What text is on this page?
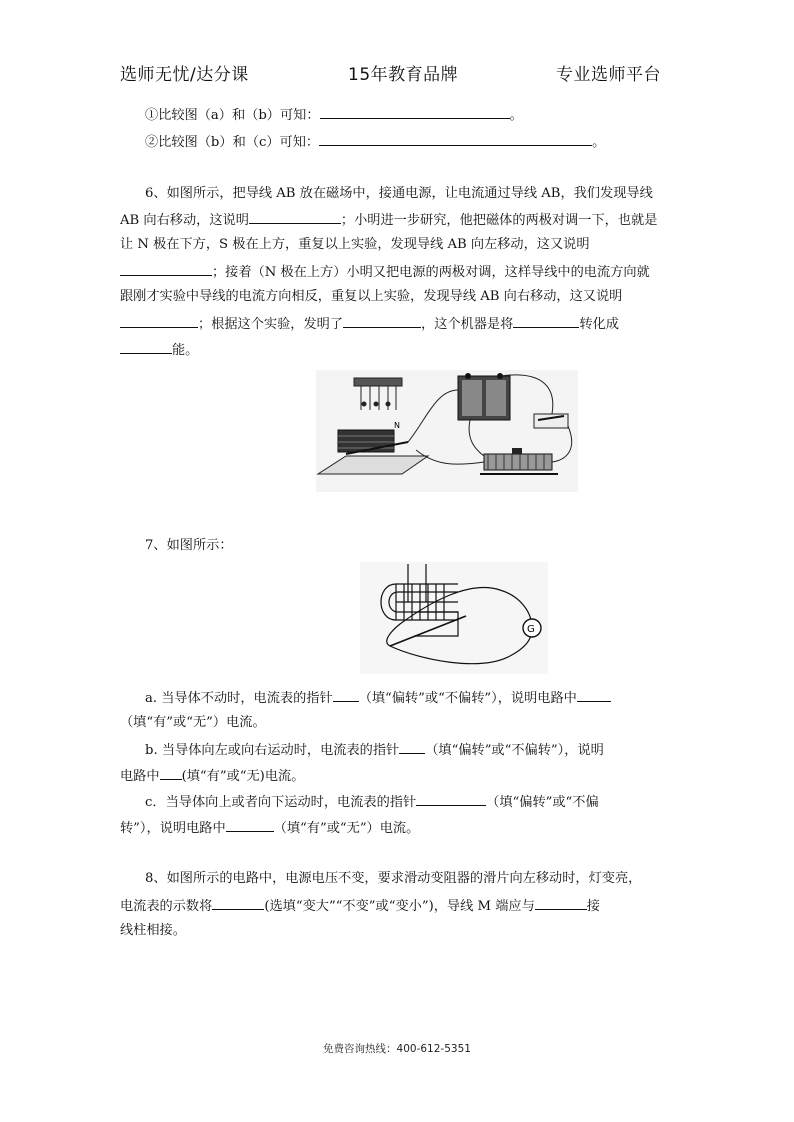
选师无忧/达分课	15年教育品牌	专业选师平台
①比较图（a）和（b）可知：	。
②比较图（b）和（c）可知：	。
6、如图所示，把导线 AB 放在磁场中，接通电源，让电流通过导线 AB，我们发现导线
AB 向右移动，这说明	；小明进一步研究，他把磁体的两极对调一下，也就是
让 N 极在下方，S 极在上方，重复以上实验，发现导线 AB 向左移动，这又说明
；接着（N 极在上方）小明又把电源的两极对调，这样导线中的电流方向就
跟刚才实验中导线的电流方向相反，重复以上实验，发现导线 AB 向右移动，这又说明
；根据这个实验，发明了	，这个机器是将	转化成
能。
N
7、如图所示：
G
a. 当导体不动时，电流表的指针 （填“偏转”或“不偏转”），说明电路中
（填“有”或“无”）电流。
b. 当导体向左或向右运动时，电流表的指针 （填“偏转”或“不偏转”），说明
电路中 (填“有”或“无)电流。
c．当导体向上或者向下运动时，电流表的指针	（填“偏转”或“不偏
转”），说明电路中	（填“有”或“无”）电流。
8、如图所示的电路中，电源电压不变，要求滑动变阻器的滑片向左移动时，灯变亮，
电流表的示数将	(选填“变大”“不变”或“变小”)，导线 M 端应与	接
线柱相接。
免费咨询热线：400-612-5351
